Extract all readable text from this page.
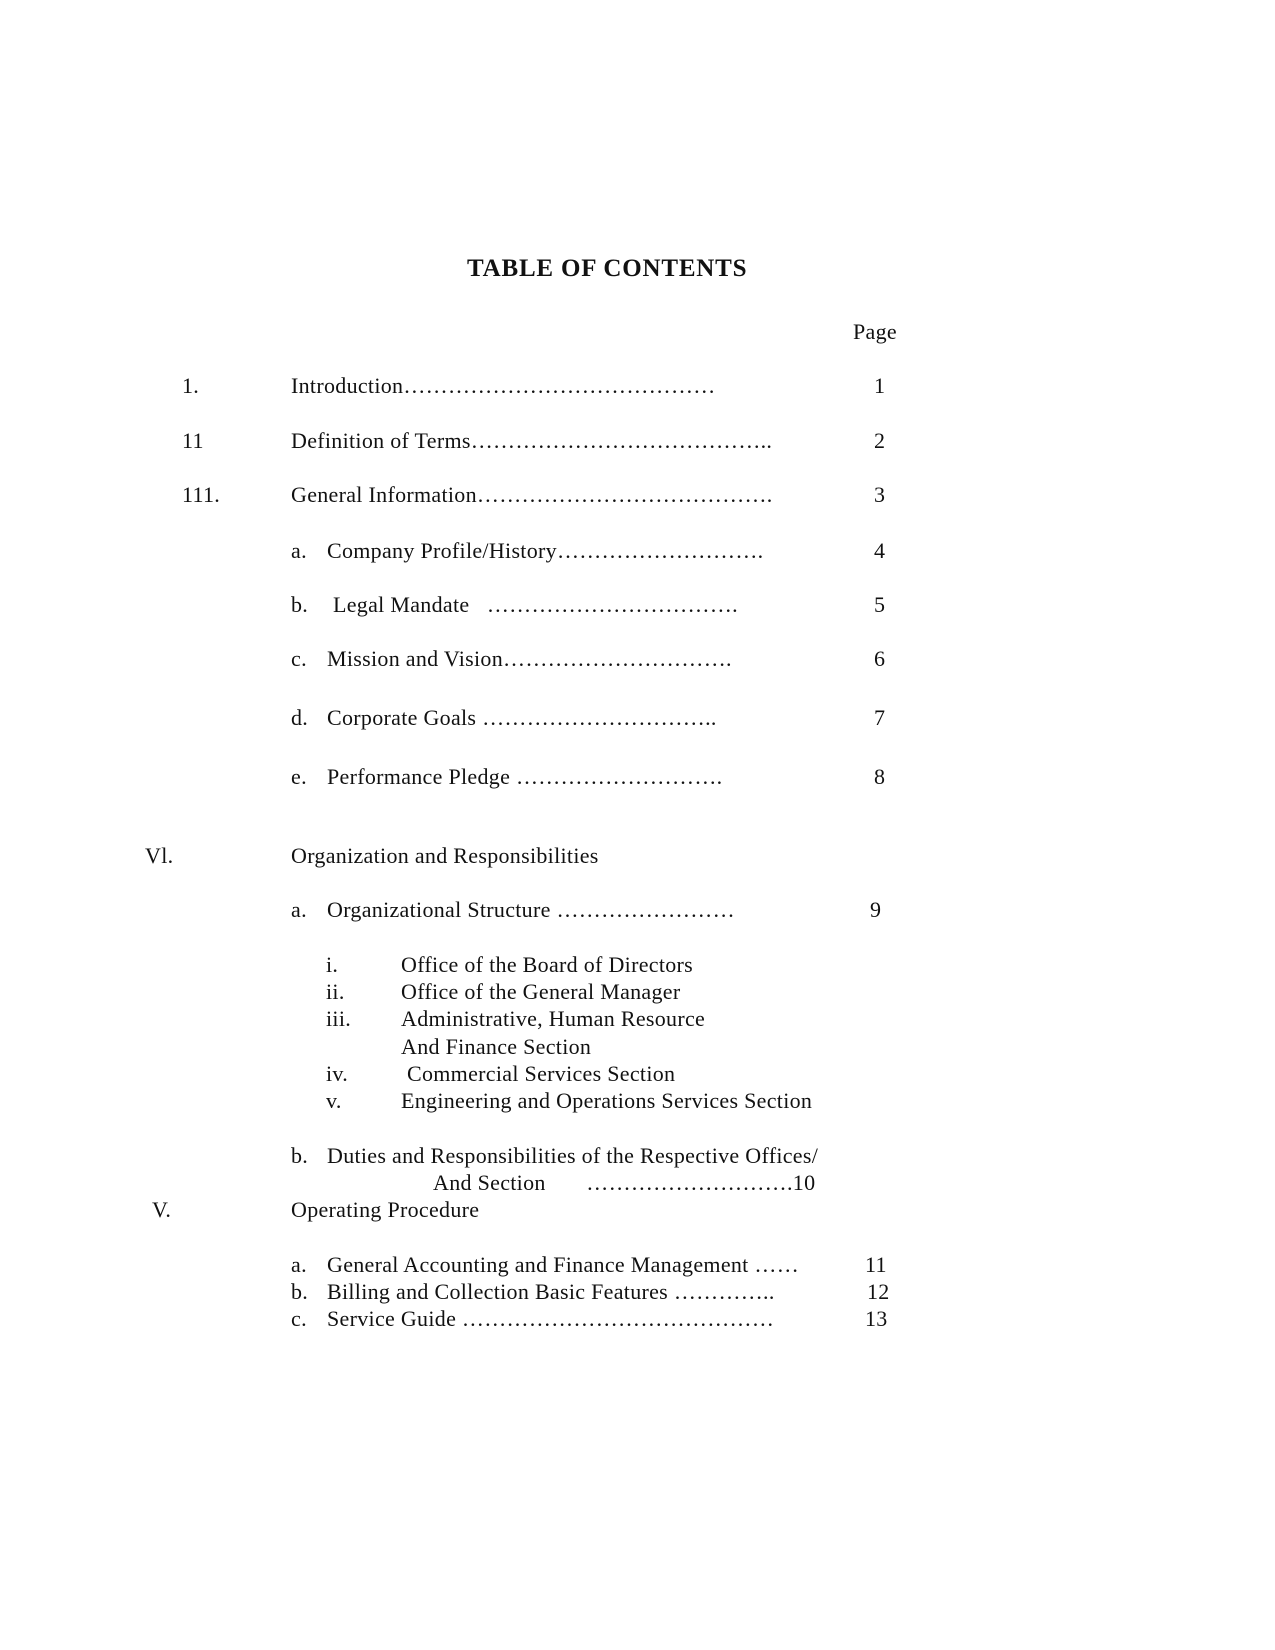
TABLE OF CONTENTS
Page
1.	Introduction……………………………………	1
11	Definition of Terms…………………………………..	2
111.	General Information………………………………….	3
a. Company Profile/History……………………….	4
b. Legal Mandate   …………………………….	5
c. Mission and Vision………………………….	6
d. Corporate Goals …………………………..	7
e. Performance Pledge ……………………….	8
Vl.	Organization and Responsibilities
a. Organizational Structure ……………………	9
i.	Office of the Board of Directors
ii.	Office of the General Manager
iii. Administrative, Human Resource
And Finance Section
iv.	Commercial Services Section
v.	Engineering and Operations Services Section
b. Duties and Responsibilities of the Respective Offices/
And Section       ……………………….10
V.	Operating Procedure
a. General Accounting and Finance Management ……	11
b. Billing and Collection Basic Features …………..	12
c. Service Guide ……………………………………	13
